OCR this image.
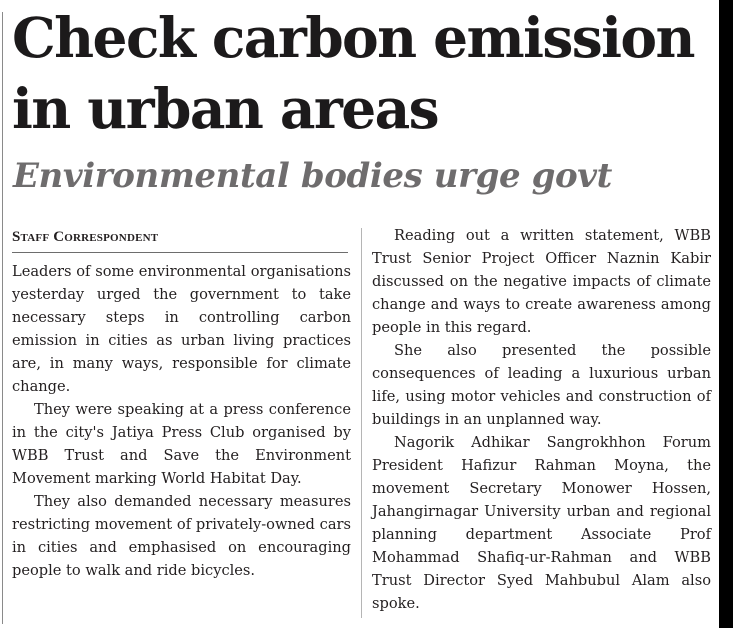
Check carbon emission
in urban areas
Environmental bodies urge govt
Staff Correspondent

Leaders of some environmental organisations yesterday urged the government to take necessary steps in controlling carbon emission in cities as urban living practices are, in many ways, responsible for climate change.

They were speaking at a press conference in the city's Jatiya Press Club organised by WBB Trust and Save the Environment Movement marking World Habitat Day.

They also demanded necessary measures restricting movement of privately-owned cars in cities and emphasised on encouraging people to walk and ride bicycles.

Reading out a written statement, WBB Trust Senior Project Officer Naznin Kabir discussed on the negative impacts of climate change and ways to create awareness among people in this regard.

She also presented the possible consequences of leading a luxurious urban life, using motor vehicles and construction of buildings in an unplanned way.

Nagorik Adhikar Sangrokhhon Forum President Hafizur Rahman Moyna, the movement Secretary Monower Hossen, Jahangirnagar University urban and regional planning department Associate Prof Mohammad Shafiq-ur-Rahman and WBB Trust Director Syed Mahbubul Alam also spoke.
